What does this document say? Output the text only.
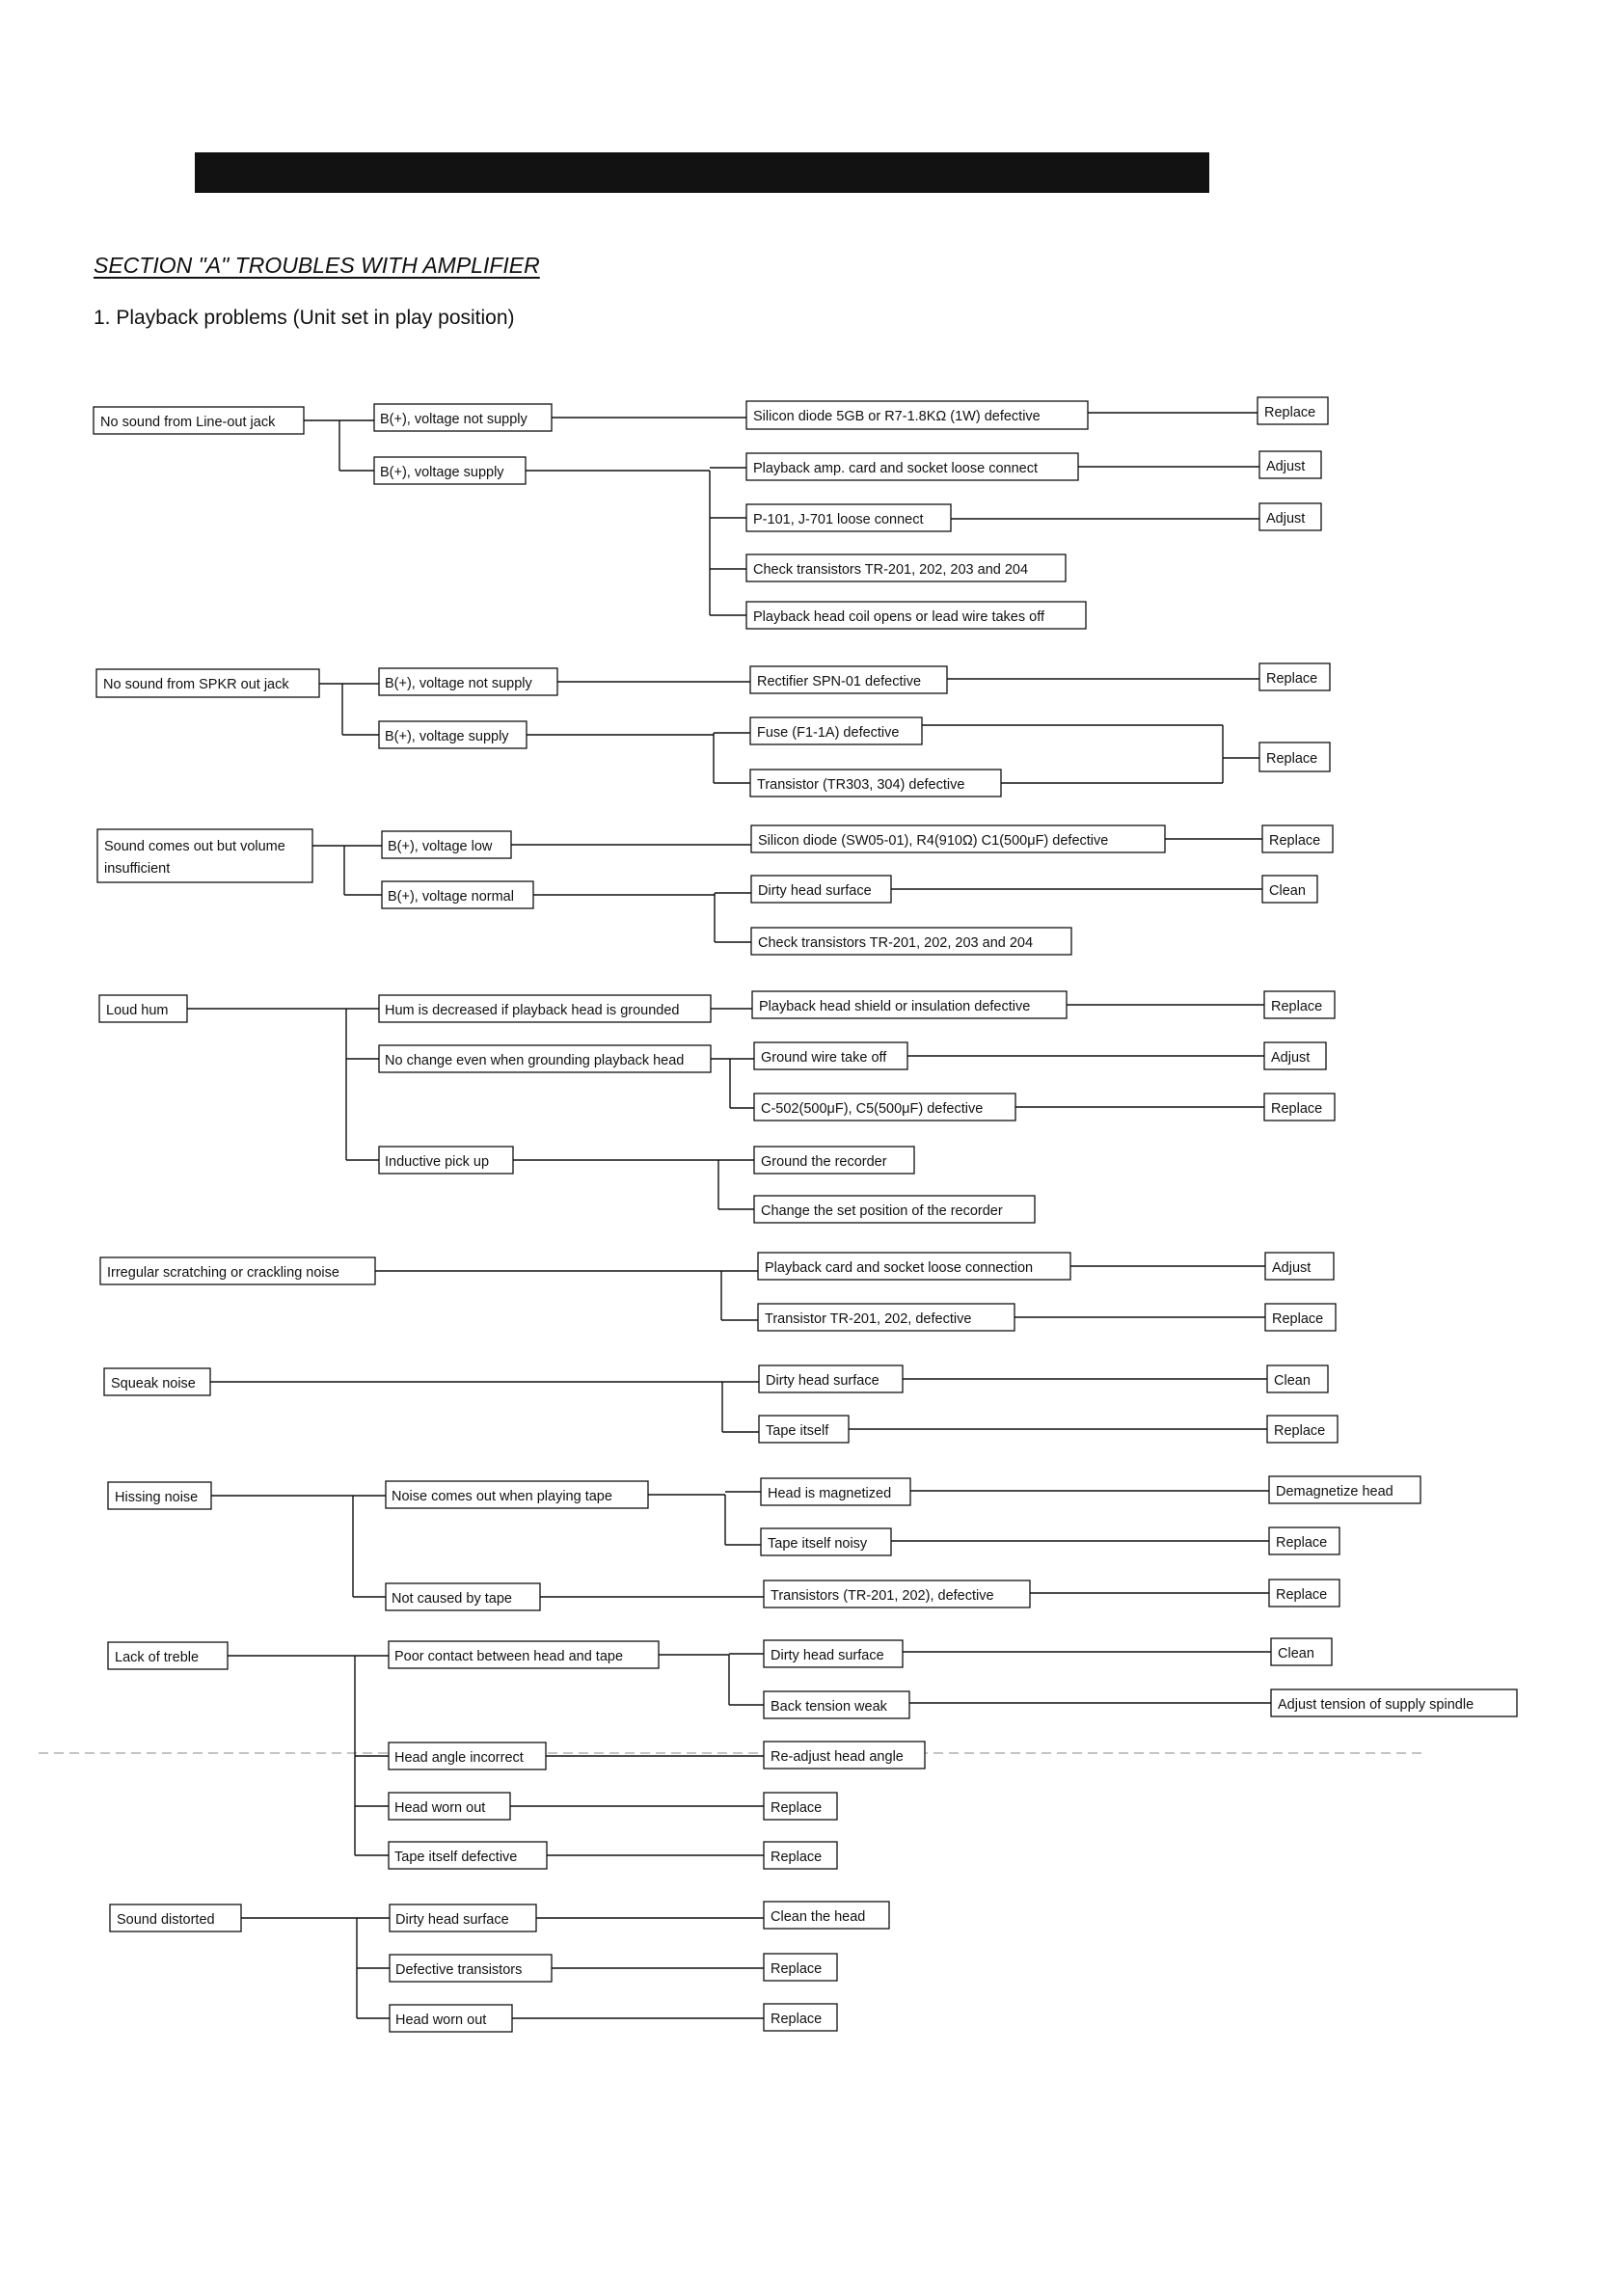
SECTION "A" TROUBLES WITH AMPLIFIER
1. Playback problems (Unit set in play position)
No sound from Line-out jack	B(+), voltage not supply
B(+), voltage supply
Silicon diode 5GB or R7-1.8KΩ (1W) defective
Playback amp. card and socket loose connect
P-101, J-701 loose connect
Check transistors TR-201, 202, 203 and 204
Playback head coil opens or lead wire takes off
Replace
Adjust
Adjust
No sound from SPKR out jack	B(+), voltage not supply
B(+), voltage supply
Rectifier SPN-01 defective
Fuse (F1-1A) defective
Transistor (TR303, 304) defective
Replace
Replace
Sound comes out but volume
insufficient
B(+), voltage low
B(+), voltage normal
Silicon diode (SW05-01), R4(910Ω) C1(500μF) defective
Dirty head surface
Check transistors TR-201, 202, 203 and 204
Replace
Clean
Loud hum	Hum is decreased if playback head is grounded
No change even when grounding playback head
Inductive pick up
Playback head shield or insulation defective
Ground wire take off
C-502(500μF), C5(500μF) defective
Ground the recorder
Change the set position of the recorder
Replace
Adjust
Replace
Irregular scratching or crackling noise	Playback card and socket loose connection
Transistor TR-201, 202, defective
Adjust
Replace
Squeak noise	Dirty head surface
Tape itself
Clean
Replace
Hissing noise	Noise comes out when playing tape
Not caused by tape
Head is magnetized
Tape itself noisy
Transistors (TR-201, 202), defective
Demagnetize head
Replace
Replace
Lack of treble	Poor contact between head and tape
Head angle incorrect
Head worn out
Tape itself defective
Dirty head surface
Back tension weak
Re-adjust head angle
Replace
Replace
Clean
Adjust tension of supply spindle
Sound distorted	Dirty head surface
Defective transistors
Head worn out
Clean the head
Replace
Replace
